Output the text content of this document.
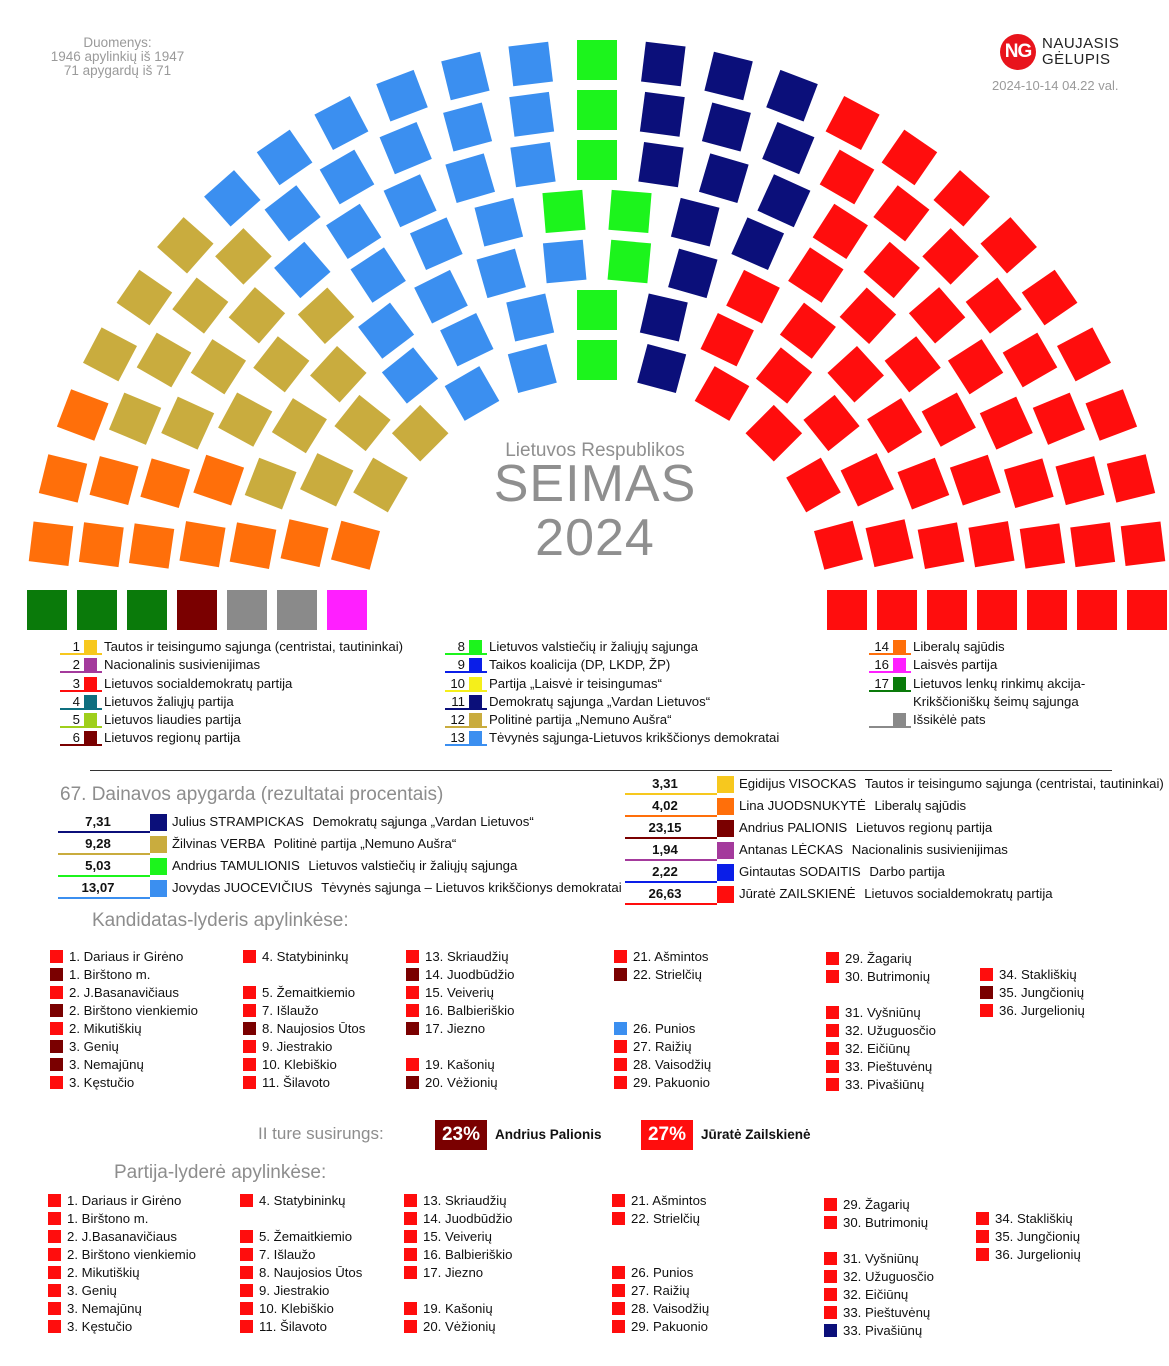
Duomenys:
1946 apylinkių iš 1947
71 apygardų iš 71
NG NAUJASIS
GĖLUPIS
2024-10-14 04.22 val.
Lietuvos Respublikos
SEIMAS
2024
1 Tautos ir teisingumo sąjunga (centristai, tautininkai)
2 Nacionalinis susivienijimas
3 Lietuvos socialdemokratų partija
4 Lietuvos žaliųjų partija
5 Lietuvos liaudies partija
6 Lietuvos regionų partija
8 Lietuvos valstiečių ir žaliųjų sąjunga
9 Taikos koalicija (DP, LKDP, ŽP)
10 Partija „Laisvė ir teisingumas“
11 Demokratų sąjunga „Vardan Lietuvos“
12 Politinė partija „Nemuno Aušra“
13 Tėvynės sąjunga-Lietuvos krikščionys demokratai
14 Liberalų sąjūdis
16 Laisvės partija
17 Lietuvos lenkų rinkimų akcija-
Krikščioniškų šeimų sąjunga
Išsikėlė pats
67. Dainavos apygarda (rezultatai procentais)
7,31	Julius STRAMPICKAS Demokratų sąjunga „Vardan Lietuvos“
9,28	Žilvinas VERBA Politinė partija „Nemuno Aušra“
5,03	Andrius TAMULIONIS Lietuvos valstiečių ir žaliųjų sąjunga
13,07	Jovydas JUOCEVIČIUS Tėvynės sąjunga – Lietuvos krikščionys demokratai
3,31	Egidijus VISOCKAS Tautos ir teisingumo sąjunga (centristai, tautininkai)
4,02	Lina JUODSNUKYTĖ Liberalų sąjūdis
23,15	Andrius PALIONIS Lietuvos regionų partija
1,94	Antanas LĖCKAS Nacionalinis susivienijimas
2,22	Gintautas SODAITIS Darbo partija
26,63	Jūratė ZAILSKIENĖ Lietuvos socialdemokratų partija
Kandidatas-lyderis apylinkėse:
1. Dariaus ir Girėno
1. Birštono m.
2. J.Basanavičiaus
2. Birštono vienkiemio
2. Mikutiškių
3. Genių
3. Nemajūnų
3. Kęstučio
4. Statybininkų
5. Žemaitkiemio
7. Išlaužo
8. Naujosios Ūtos
9. Jiestrakio
10. Klebiškio
11. Šilavoto
13. Skriaudžių
14. Juodbūdžio
15. Veiverių
16. Balbieriškio
17. Jiezno
19. Kašonių
20. Vėžionių
21. Ašmintos
22. Strielčių
26. Punios
27. Raižių
28. Vaisodžių
29. Pakuonio
29. Žagarių
30. Butrimonių
31. Vyšniūnų
32. Užuguosčio
32. Eičiūnų
33. Pieštuvėnų
33. Pivašiūnų
34. Stakliškių
35. Jungčionių
36. Jurgelionių
II ture susirungs:	23%	Andrius Palionis	27%	Jūratė Zailskienė
Partija-lyderė apylinkėse:
1. Dariaus ir Girėno
1. Birštono m.
2. J.Basanavičiaus
2. Birštono vienkiemio
2. Mikutiškių
3. Genių
3. Nemajūnų
3. Kęstučio
4. Statybininkų
5. Žemaitkiemio
7. Išlaužo
8. Naujosios Ūtos
9. Jiestrakio
10. Klebiškio
11. Šilavoto
13. Skriaudžių
14. Juodbūdžio
15. Veiverių
16. Balbieriškio
17. Jiezno
19. Kašonių
20. Vėžionių
21. Ašmintos
22. Strielčių
26. Punios
27. Raižių
28. Vaisodžių
29. Pakuonio
29. Žagarių
30. Butrimonių
31. Vyšniūnų
32. Užuguosčio
32. Eičiūnų
33. Pieštuvėnų
33. Pivašiūnų
34. Stakliškių
35. Jungčionių
36. Jurgelionių
